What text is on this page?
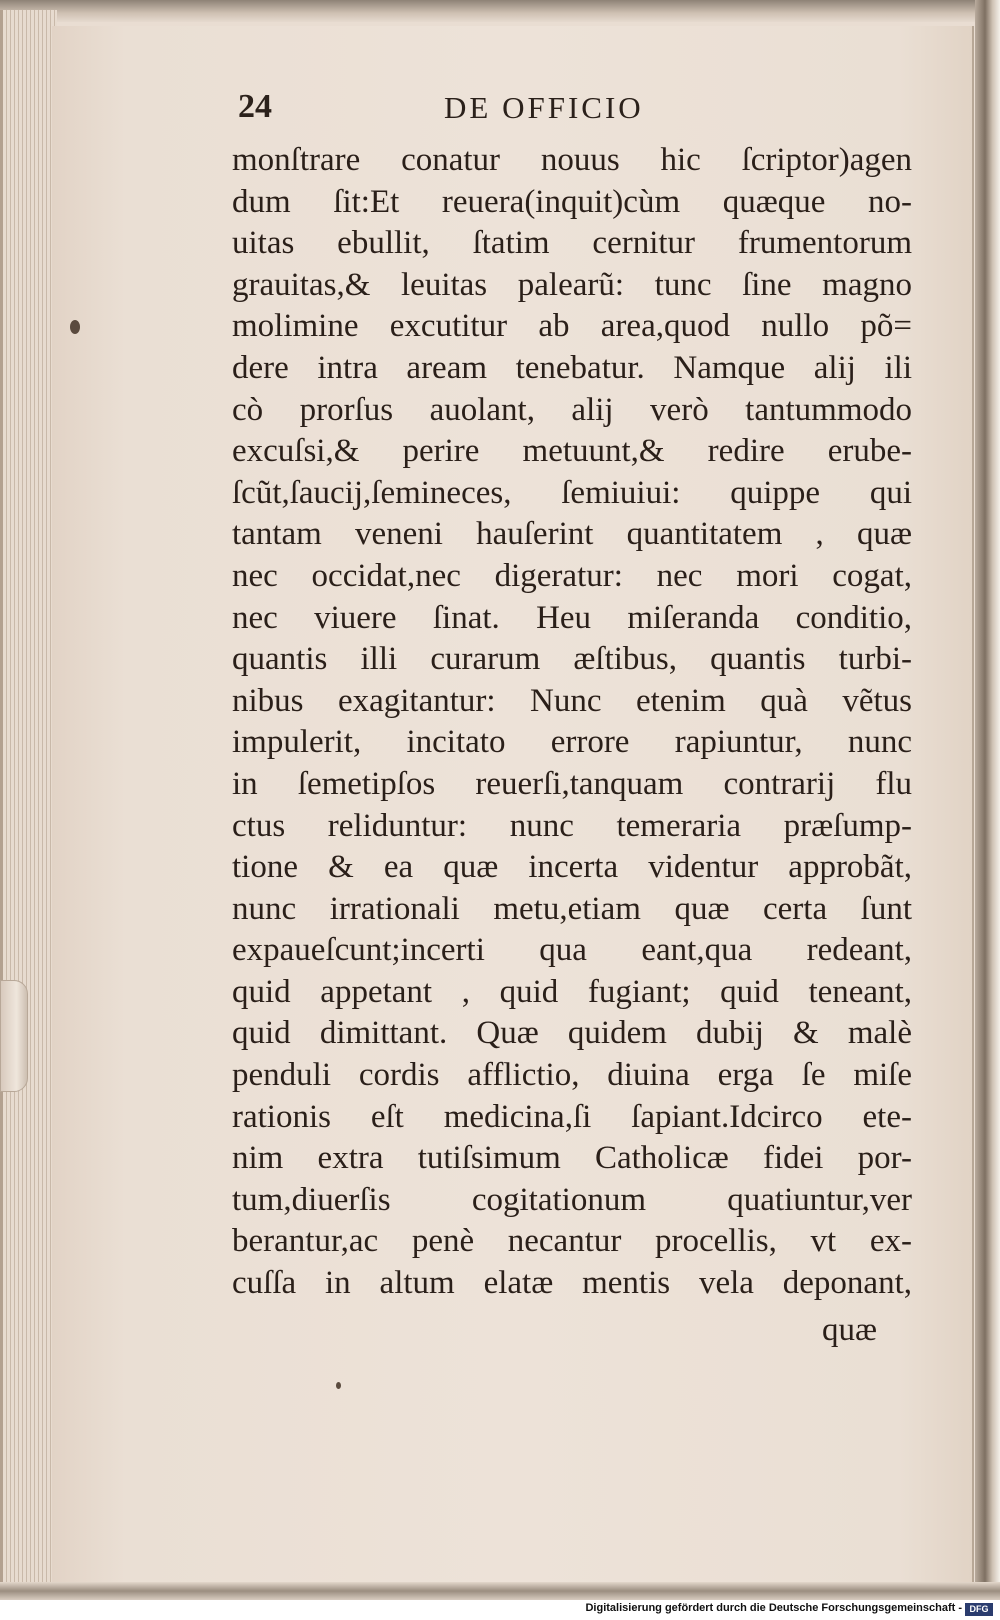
24	DE OFFICIO
monſtrare conatur nouus hic ſcriptor)agen
dum ſit:Et reuera(inquit)cùm quæque no-
uitas ebullit, ſtatim cernitur frumentorum
grauitas,& leuitas palearũ: tunc ſine magno
molimine excutitur ab area,quod nullo põ=
dere intra aream tenebatur. Namque alij ili
cò prorſus auolant, alij verò tantummodo
excuſsi,& perire metuunt,& redire erube-
ſcũt,ſaucij,ſemineces, ſemiuiui: quippe qui
tantam veneni hauſerint quantitatem , quæ
nec occidat,nec digeratur: nec mori cogat,
nec viuere ſinat. Heu miſeranda conditio,
quantis illi curarum æſtibus, quantis turbi-
nibus exagitantur: Nunc etenim quà vẽtus
impulerit, incitato errore rapiuntur, nunc
in ſemetipſos reuerſi,tanquam contrarij flu
ctus reliduntur: nunc temeraria præſump-
tione & ea quæ incerta videntur approbãt,
nunc irrationali metu,etiam quæ certa ſunt
expaueſcunt;incerti qua eant,qua redeant,
quid appetant , quid fugiant; quid teneant,
quid dimittant. Quæ quidem dubij & malè
penduli cordis afflictio, diuina erga ſe miſe
rationis eſt medicina,ſi ſapiant.Idcirco ete-
nim extra tutiſsimum Catholicæ fidei por-
tum,diuerſis cogitationum quatiuntur,ver
berantur,ac penè necantur procellis, vt ex-
cuſſa in altum elatæ mentis vela deponant,
quæ
Digitalisierung gefördert durch die Deutsche Forschungsgemeinschaft - DFG
